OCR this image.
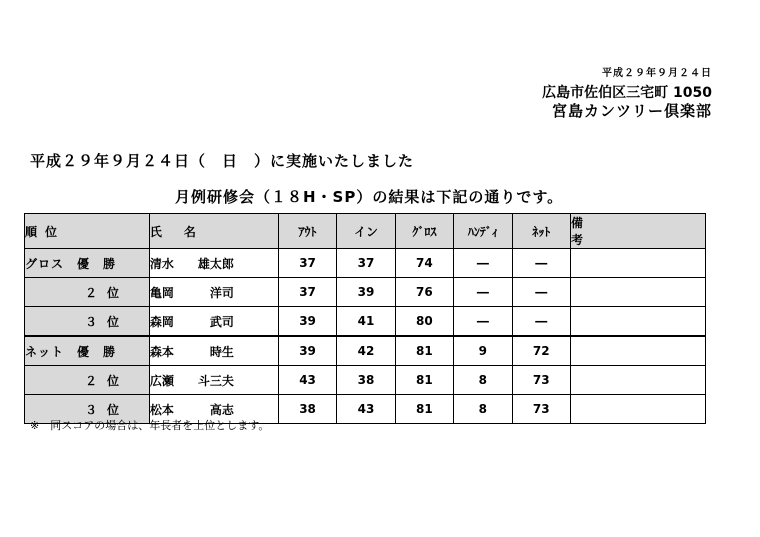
平成２９年９月２４日
広島市佐伯区三宅町 1050
宮島カンツリー倶楽部
平成２９年９月２４日（　日　）に実施いたしました
月例研修会（１８H・SP）の結果は下記の通りです。
順位	氏名	ｱｳﾄ	イン	ｸﾞﾛｽ	ﾊﾝﾃﾞｨ	ﾈｯﾄ	備考
グロス　優　勝	清水　　雄太郎	37	37	74	―	―	
２位	亀岡　　　洋司	37	39	76	―	―	
３位	森岡　　　武司	39	41	80	―	―	
ネット　優　勝	森本　　　時生	39	42	81	9	72	
２位	広瀬　　斗三夫	43	38	81	8	73	
３位	松本　　　高志	38	43	81	8	73	
※　同スコアの場合は、年長者を上位とします。
